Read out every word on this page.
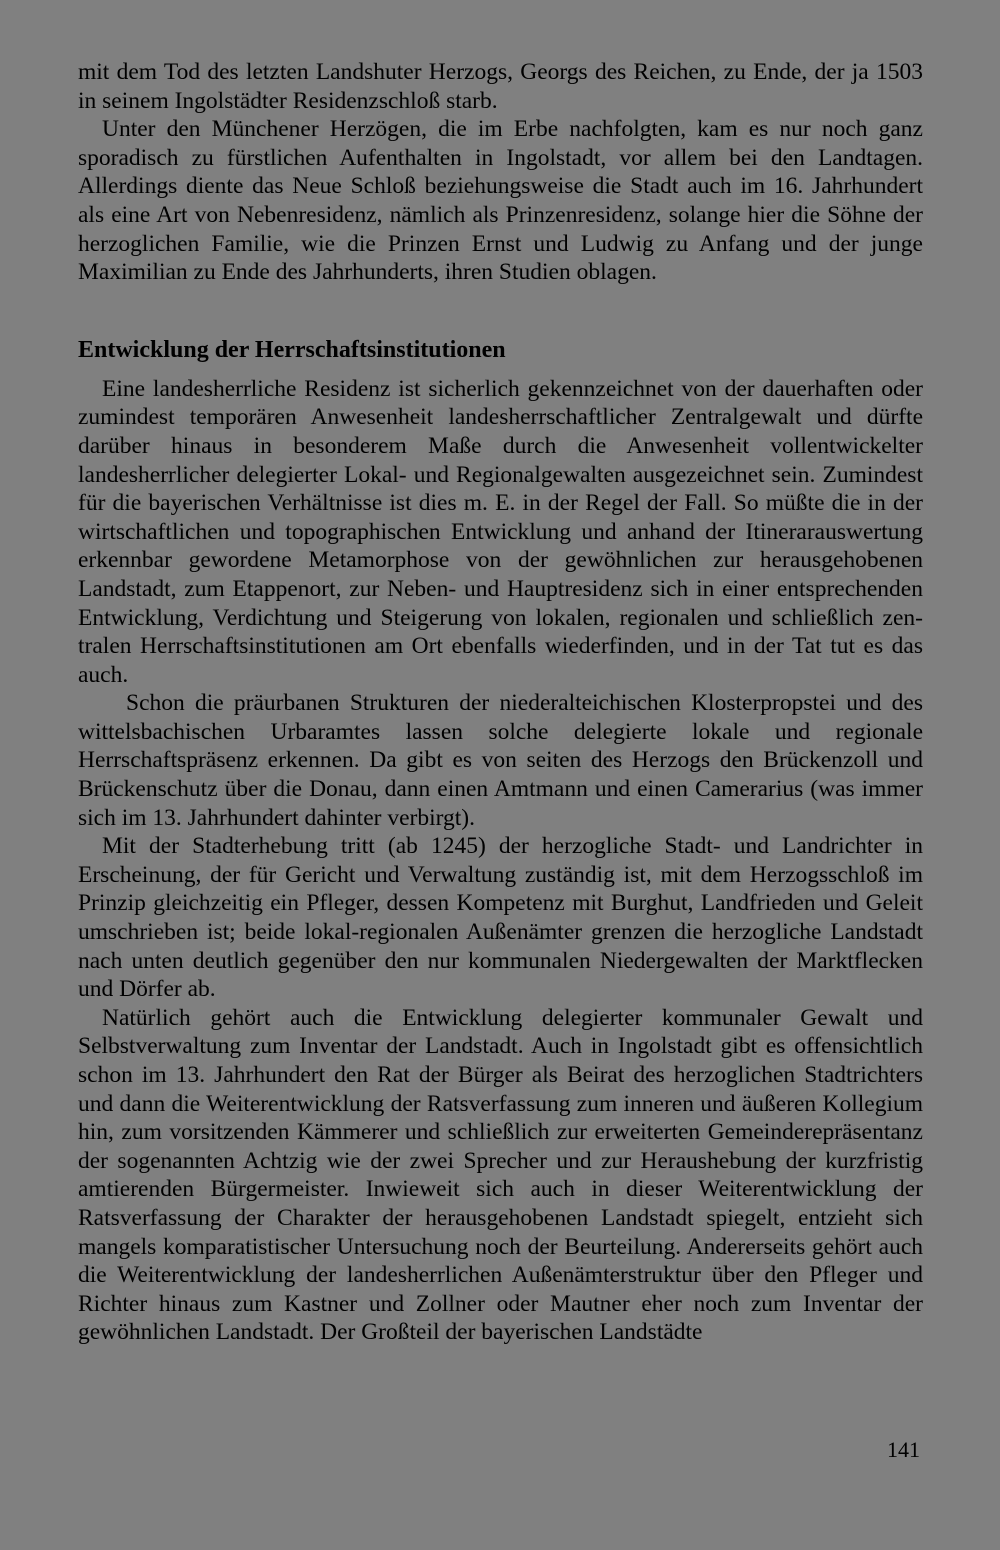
mit dem Tod des letzten Landshuter Herzogs, Georgs des Reichen, zu Ende, der ja 1503 in seinem Ingolstädter Residenzschloß starb.

Unter den Münchener Herzögen, die im Erbe nachfolgten, kam es nur noch ganz sporadisch zu fürstlichen Aufenthalten in Ingolstadt, vor allem bei den Landtagen. Allerdings diente das Neue Schloß beziehungsweise die Stadt auch im 16. Jahrhundert als eine Art von Nebenresidenz, nämlich als Prinzenresidenz, solange hier die Söhne der herzoglichen Familie, wie die Prinzen Ernst und Ludwig zu Anfang und der junge Maximilian zu Ende des Jahrhunderts, ihren Studien oblagen.

Entwicklung der Herrschaftsinstitutionen

Eine landesherrliche Residenz ist sicherlich gekennzeichnet von der dauerhaften oder zumindest temporären Anwesenheit landesherrschaftlicher Zentralgewalt und dürfte darüber hinaus in besonderem Maße durch die Anwesenheit vollentwickelter landesherrlicher delegierter Lokal- und Regionalgewalten ausgezeichnet sein. Zumindest für die bayerischen Verhältnisse ist dies m. E. in der Regel der Fall. So müßte die in der wirtschaftlichen und topographischen Entwicklung und anhand der Itinerarauswertung erkennbar gewordene Metamorphose von der gewöhnlichen zur herausgehobenen Landstadt, zum Etappenort, zur Neben- und Hauptresidenz sich in einer entsprechenden Entwicklung, Verdichtung und Steigerung von lokalen, regionalen und schließlich zentralen Herrschaftsinstitutionen am Ort ebenfalls wiederfinden, und in der Tat tut es das auch.

Schon die präurbanen Strukturen der niederalteichischen Klosterpropstei und des wittelsbachischen Urbaramtes lassen solche delegierte lokale und regionale Herrschaftspräsenz erkennen. Da gibt es von seiten des Herzogs den Brückenzoll und Brückenschutz über die Donau, dann einen Amtmann und einen Camerarius (was immer sich im 13. Jahrhundert dahinter verbirgt).

Mit der Stadterhebung tritt (ab 1245) der herzogliche Stadt- und Landrichter in Erscheinung, der für Gericht und Verwaltung zuständig ist, mit dem Herzogsschloß im Prinzip gleichzeitig ein Pfleger, dessen Kompetenz mit Burghut, Landfrieden und Geleit umschrieben ist; beide lokal-regionalen Außenämter grenzen die herzogliche Landstadt nach unten deutlich gegenüber den nur kommunalen Niedergewalten der Marktflecken und Dörfer ab.

Natürlich gehört auch die Entwicklung delegierter kommunaler Gewalt und Selbstverwaltung zum Inventar der Landstadt. Auch in Ingolstadt gibt es offensichtlich schon im 13. Jahrhundert den Rat der Bürger als Beirat des herzoglichen Stadtrichters und dann die Weiterentwicklung der Ratsverfassung zum inneren und äußeren Kollegium hin, zum vorsitzenden Kämmerer und schließlich zur erweiterten Gemeinderepräsentanz der sogenannten Achtzig wie der zwei Sprecher und zur Heraushebung der kurzfristig amtierenden Bürgermeister. Inwieweit sich auch in dieser Weiterentwicklung der Ratsverfassung der Charakter der herausgehobenen Landstadt spiegelt, entzieht sich mangels komparatistischer Untersuchung noch der Beurteilung. Andererseits gehört auch die Weiterentwicklung der landesherrlichen Außenämterstruktur über den Pfleger und Richter hinaus zum Kastner und Zollner oder Mautner eher noch zum Inventar der gewöhnlichen Landstadt. Der Großteil der bayerischen Landstädte

141
